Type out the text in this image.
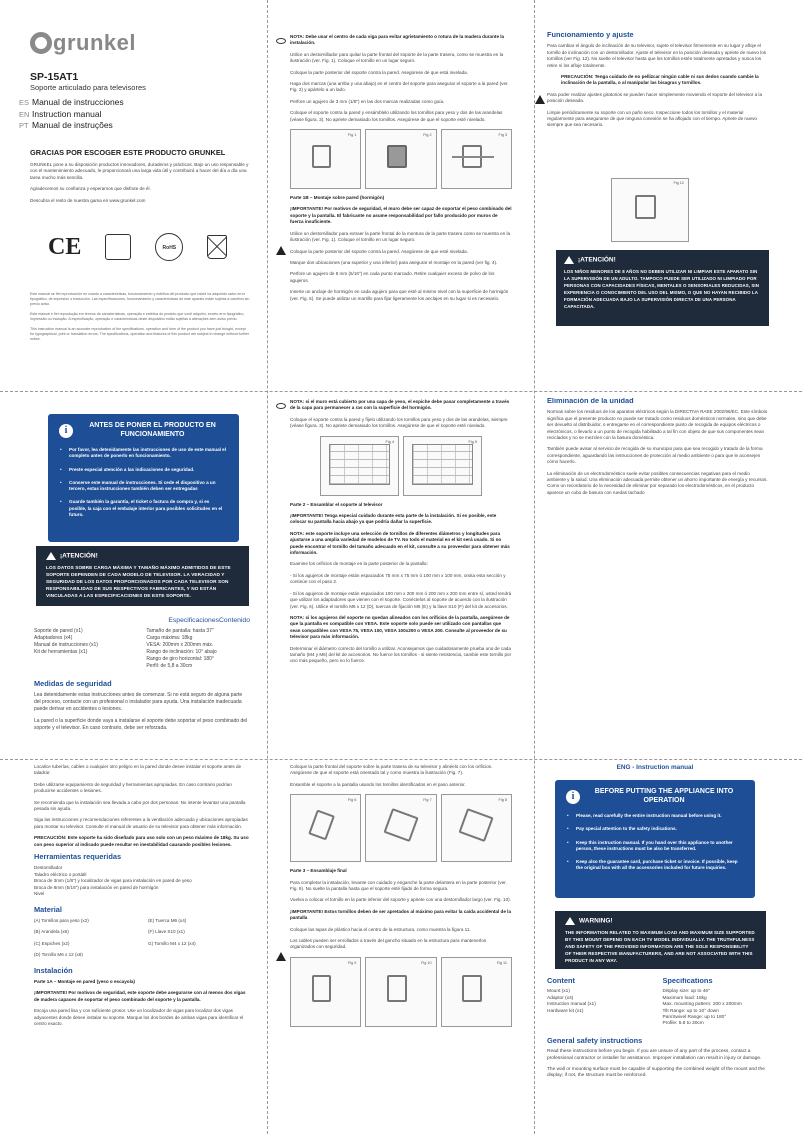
grunkel
SP-15AT1
Soporte articulado para televisores
ES Manual de instrucciones
EN Instruction manual
PT Manual de instruções
GRACIAS POR ESCOGER ESTE PRODUCTO GRUNKEL

GRUNKEL pone a su disposición productos innovadores, duraderos y prácticos. Bajo un uso responsable y con el mantenimiento adecuado, le proporcionará una larga vida útil y contribuirá a hacer del día a día una tarea mucho más sencilla.

Agradecemos su confianza y esperamos que disfrute de él.

Descubra el resto de nuestra gama en www.grunkel.com

CE	RoHS

Este manual se fiel reproducción en cuanto a características, funcionamiento y estética del producto que usted ha adquirido salvo error tipográfico, de impresión o traducción. Las especificaciones, funcionamiento y características de este aparato están sujetas a cambios sin previo aviso.

Este manual é fiel reprodução em termos de características, operação e estética do produto que você adquiriu, exceto erro tipográfico, impressão ou tradução. A especificação, operação e características deste dispositivo estão sujeitas a alterações sem aviso prévio.

This instruction manual is an accurate reproduction of the specifications, operation and form of the product you have just bought, except for typographical, print or translation errors. The specifications, operation and features of this product are subject to change without further notice.

i	ANTES DE PONER EL PRODUCTO EN FUNCIONAMIENTO
• Por favor, lea detenidamente las instrucciones de uso de este manual el completo antes de ponerlo en funcionamiento.
• Preste especial atención a las indicaciones de seguridad.
• Conserve este manual de instrucciones. Si cede el dispositivo a un tercero, estas instrucciones también deben ser entregadas
• Guarde también la garantía, el ticket o factura de compra y, si es posible, la caja con el embalaje interior para posibles solicitudes en el futuro.
¡ATENCIÓN!
LOS DATOS SOBRE CARGA MÁXIMA Y TAMAÑO MÁXIMO ADMITIDOS DE ESTE SOPORTE DEPENDEN DE CADA MODELO DE TELEVISOR. LA VERACIDAD Y SEGURIDAD DE LOS DATOS PROPORCIONADOS POR CADA TELEVISOR SON RESPONSABILIDAD DE SUS RESPECTIVOS FABRICANTES, Y NO ESTÁN VINCULADAS A LAS ESPECIFICACIONES DE ESTE SOPORTE.
EspecificacionesContenido
Soporte de pared (x1)
Adaptadores (x4)
Manual de instrucciones (x1)
Kit de herramientas (x1)
Tamaño de pantalla: hasta 37"
Carga máxima: 18kg
VESA: 200mm x 200mm máx.
Rango de inclinación: 10° abajo
Rango de giro horizontal: 180°
Perfil: de 5,8 a 30cm
Medidas de seguridad

Lea detenidamente estas instrucciones antes de comenzar. Si no está seguro de alguna parte del proceso, contacte con un profesional o instalador para ayuda. Una instalación inadecuada puede derivar en accidentes o lesiones.

La pared o la superficie donde vaya a instalarse el soporte debe soportar el peso combinado del soporte y el televisor. En caso contrario, debe ser reforzada.

Localice tuberías, cables o cualquier otro peligro en la pared donde desee instalar el soporte antes de taladrar.

Debe utilizarse equipamiento de seguridad y herramientas apropiadas. En caso contrario podrían producirse accidentes o lesiones.

Se recomienda que la instalación sea llevada a cabo por dos personas. No intente levantar una pantalla pesada sin ayuda.

Siga las instrucciones y recomendaciones referentes a la ventilación adecuada y ubicaciones apropiadas para montar su televisor. Consulte el manual de usuario de su televisor para obtener más información.

PRECAUCIÓN: Este soporte ha sido diseñado para uso solo con un peso máximo de 18kg. Su uso con peso superior al indicado puede resultar en inestabilidad causando posibles lesiones.

Herramientas requeridas
Destornillador
Taladro eléctrico o portátil
Broca de 3mm (1/8") y localizador de vigas para instalación en pared de yeso
Broca de 8mm (5/16") para instalación en pared de hormigón
Nivel
Material
(A) Tornillos para yeso (x2)	(E) Tuerca M6 (x4)
(B) Arandela (x6)	(F) Llave S10 (x1)
(C) Espiches (x2)	G) Tornillo M4 x 12 (x4)
(D) Tornillo M6 x 12 (x8)
Instalación

Parte 1A – Montaje en pared (yeso o escayola)

¡IMPORTANTE! Por motivos de seguridad, este soporte debe asegurarse con al menos dos vigas de madera capaces de soportar el peso combinado del soporte y la pantalla.

Escoja una pared lisa y con suficiente grosor. Use un localizador de vigas para localizar dos vigas adyacentes donde desee instalar su soporte. Marque los dos bordes de ambas vigas para identificar el centro exacto.

NOTA: Debe usar el centro de cada viga para evitar agrietamiento o rotura de la madera durante la instalación.

Utilice un destornillador para quitar la parte frontal del soporte de la parte trasera, como se muestra en la ilustración (ver. Fig. 1). Coloque el tornillo en un lugar seguro.

Coloque la parte posterior del soporte contra la pared. Asegúrese de que está nivelada.

Haga dos marcas (una arriba y una abajo) en el centro del soporte para asegurar el soporte a la pared (ver. Fig. 2) y apártelo a un lado.

Perfore un agujero de 3 mm (1/8") en las dos marcas realizadas como guía.

Coloque el soporte contra la pared y ensámblelo utilizando los tornillos para yeso y dos de las arandelas (véase figura. 3). No apriete demasiado los tornillos. Asegúrese de que el soporte esté nivelado.

Fig 1	Fig 2	Fig 3

Parte 1B – Montaje sobre pared (hormigón)

¡IMPORTANTE! Por motivos de seguridad, el muro debe ser capaz de soportar el peso combinado del soporte y la pantalla. El fabricante no asume responsabilidad por fallo producido por muros de fuerza insuficiente.

Utilice un destornillador para extraer la parte frontal de la montura de la parte trasera como se muestra en la ilustración (ver. Fig. 1). Coloque el tornillo en un lugar seguro.

Coloque la parte posterior del soporte contra la pared. Asegúrese de que esté nivelada.

Marque dos ubicaciones (una superior y una inferior) para asegurar el montaje en la pared (ver fig. 4).

Perfore un agujero de 8 mm (5/16") en cada punto marcado. Retire cualquier exceso de polvo de los agujeros.

Inserte un anclaje de hormigón en cada agujero para que esté al mismo nivel con la superficie de hormigón (ver. Fig. 5). Se puede utilizar un martillo para fijar ligeramente los anclajes en su lugar si es necesario.

NOTA: si el muro está cubierto por una capa de yeso, el espiche debe pasar completamente a través de la capa para permanecer a ras con la superficie del hormigón.

Coloque el soporte contra la pared y fíjelo utilizando los tornillos para yeso y dos de las arandelas, siempre (véase figura. 3). No apriete demasiado los tornillos. Asegúrese de que el soporte esté nivelado.

Fig 4	Fig 5

Parte 2 – Ensamblar el soporte al televisor

¡IMPORTANTE! Tenga especial cuidado durante esta parte de la instalación. Si es posible, este colocar su pantalla hacia abajo ya que podría dañar la superficie.

NOTA: este soporte incluye una selección de tornillos de diferentes diámetros y longitudes para ajustarse a una amplia variedad de modelos de TV. No todo el material en el kit será usado. Si no puede encontrar el tornillo del tamaño adecuado en el kit, consulte a su proveedor para obtener más información.

Examine los orificios de montaje en la parte posterior de la pantalla:

- Si los agujeros de montaje están espaciados 75 mm x 75 mm ó 100 mm x 100 mm, omita esta sección y continúe con el paso 2.

- Si los agujeros de montaje están espaciados 100 mm x 200 mm ó 200 mm x 200 mm entre sí, usted tendrá que utilizar los adaptadores que vienen con el soporte. Conéctelos al soporte de acuerdo con la ilustración (ver. Fig. 6). Utilice el tornillo M6 x 12 (D), tuercas de fijación M6 (E) y la llave S10 (F) del kit de accesorios.

NOTA: si los agujeros del soporte no quedan alineados con los orificios de la pantalla, asegúrese de que la pantalla es compatible con VESA. Este soporte solo puede ser utilizado con pantallas que sean compatibles con VESA 75, VESA 100, VESA 100x200 o VESA 200. Consulte al proveedor de su televisor para más información.

Determinar el diámetro correcto del tornillo a utilizar. Aconsejamos que cuidadosamente prueba uno de cada tamaño (M4 y M6) del kit de accesorios. No fuerce los tornillos - si siente resistencia, cambie este tornillo por uno más pequeño, pero no lo fuerce.

Coloque la parte frontal del soporte sobre la parte trasera de su televisor y alinéelo con los orificios. Asegúrese de que el soporte está orientado tal y como muestra la ilustración (Fig. 7).

Ensamble el soporte a la pantalla usando los tornillos identificados en el paso anterior.

Fig 6	Fig 7	Fig 8

Parte 3 – Ensamblaje final

Para completar la instalación, levante con cuidado y enganche la parte delantera en la parte posterior (ver. Fig. 9). No suelte la pantalla hasta que el soporte esté fijado de forma segura.

Vuelva a colocar el tornillo en la parte inferior del soporte y apriete con una destornillador largo (ver. Fig. 10).

¡IMPORTANTE! Estos tornillos deben de ser apretados al máximo para evitar la caída accidental de la pantalla

Coloque las tapas de plástico hacia el centro de la estructura, como muestra la figura 11.

Los cables pueden ser enrollados a través del gancho situado en la estructura para mantenerlos organizados con seguridad.

Fig 9	Fig 10	Fig 11
Funcionamiento y ajuste

Para cambiar el ángulo de inclinación de su televisor, sujete el televisor firmemente en su lugar y afloje el tornillo de inclinación con un destornillador. Ajuste el televisor en la posición deseada y apriete de nuevo los tornillos (ver Fig. 12). No suelte el televisor hasta que los tornillos estén totalmente apretados y nunca los retire ni los afloje totalmente.

PRECAUCIÓN: Tenga cuidado de no pellizcar ningún cable ni sus dedos cuando cambie la inclinación de la pantalla, o al manipular las bisagras y tornillos.

Para poder realizar ajustes giratorios se pueden hacer simplemente moviendo el soporte del televisor a la posición deseada.

Limpie periódicamente su soporte con un paño seco. Inspeccione todos los tornillos y el material regularmente para asegurarse de que ninguna conexión se ha aflojado con el tiempo. Apriete de nuevo siempre que sea necesario.

Fig 12
¡ATENCIÓN!
LOS NIÑOS MENORES DE 8 AÑOS NO DEBEN UTILIZAR NI LIMPIAR ESTE APARATO SIN LA SUPERVISIÓN DE UN ADULTO. TAMPOCO PUEDE SER UTILIZADO NI LIMPIADO POR PERSONAS CON CAPACIDADES FÍSICAS, MENTALES O SENSORIALES REDUCIDAS, SIN EXPERIENCIA O CONOCIMIENTO DEL USO DEL MISMO, O QUE NO HAYAN RECIBIDO LA FORMACIÓN ADECUADA BAJO LA SUPERVISIÓN DIRECTA DE UNA PERSONA CAPACITADA.
Eliminación de la unidad

Normas sobre los residuos de los aparatos eléctricos según la DIRECTIVA RAEE 2002/96/EC. Este símbolo significa que el presente producto no puede ser tratado como residuos domésticos normales, sino que debe ser devuelto al distribuidor, o entregarse en el correspondiente punto de recogida de equipos eléctricos o electrónicos, o llevarlo a un punto de recogida habilitado a tal fin con objeto de que sus componentes sean reciclados y no se mezclen con la basura doméstica.

También puede avisar al servicio de recogida de su municipio para que sea recogido y tratado de la forma correspondiente, aguardando las instrucciones de protección al medio ambiente o para que le aconsejen cómo hacerlo.

La eliminación de un electrodoméstico suele evitar posibles consecuencias negativas para el medio ambiente y la salud. Una eliminación adecuada permite obtener un ahorro importante de energía y recursos. Como un recordatorio de la necesidad de eliminar por separado los electrodomésticos, en el producto aparece un cubo de basura con ruedas tachado

ENG - Instruction manual
i	BEFORE PUTTING THE APPLIANCE INTO OPERATION
• Please, read carefully the entire instruction manual before using it.
• Pay special attention to the safety indications.
• Keep this instruction manual. If you hand over this appliance to another person, these instructions must be also be transferred.
• Keep also the guarantee card, purchase ticket or invoice. If possible, keep the original box with all the accessories included for future inquiries.
WARNING!
THE INFORMATION RELATED TO MAXIMUM LOAD AND MAXIMUM SIZE SUPPORTED BY THIS MOUNT DEPEND ON EACH TV MODEL INDIVIDUALLY. THE TRUTHFULNESS AND SAFETY OF THE PROVIDED INFORMATION ARE THE SOLE RESPONSIBILITY OF THEIR RESPECTIVE MANUFACTURERS, AND ARE NOT ASSOCIATED WITH THIS PRODUCT IN ANY WAY.
Content
Mount (x1)
Adaptor (x4)
Instruction manual (x1)
Hardware kit (x1)
Specifications
Display size: up to 46"
Maximum load: 18kg
Max. mounting pattern: 200 x 200mm
Tilt Range: up to 10° down
Pan/Swivel Range: up to 180°
Profile: 5.8 to 30cm
General safety instructions

Read these instructions before you begin. If you are unsure of any part of the process, contact a professional contractor or installer for assistance. Improper installation can result in injury or damage.

The wall or mounting surface must be capable of supporting the combined weight of the mount and the display; if not, the structure must be reinforced.
